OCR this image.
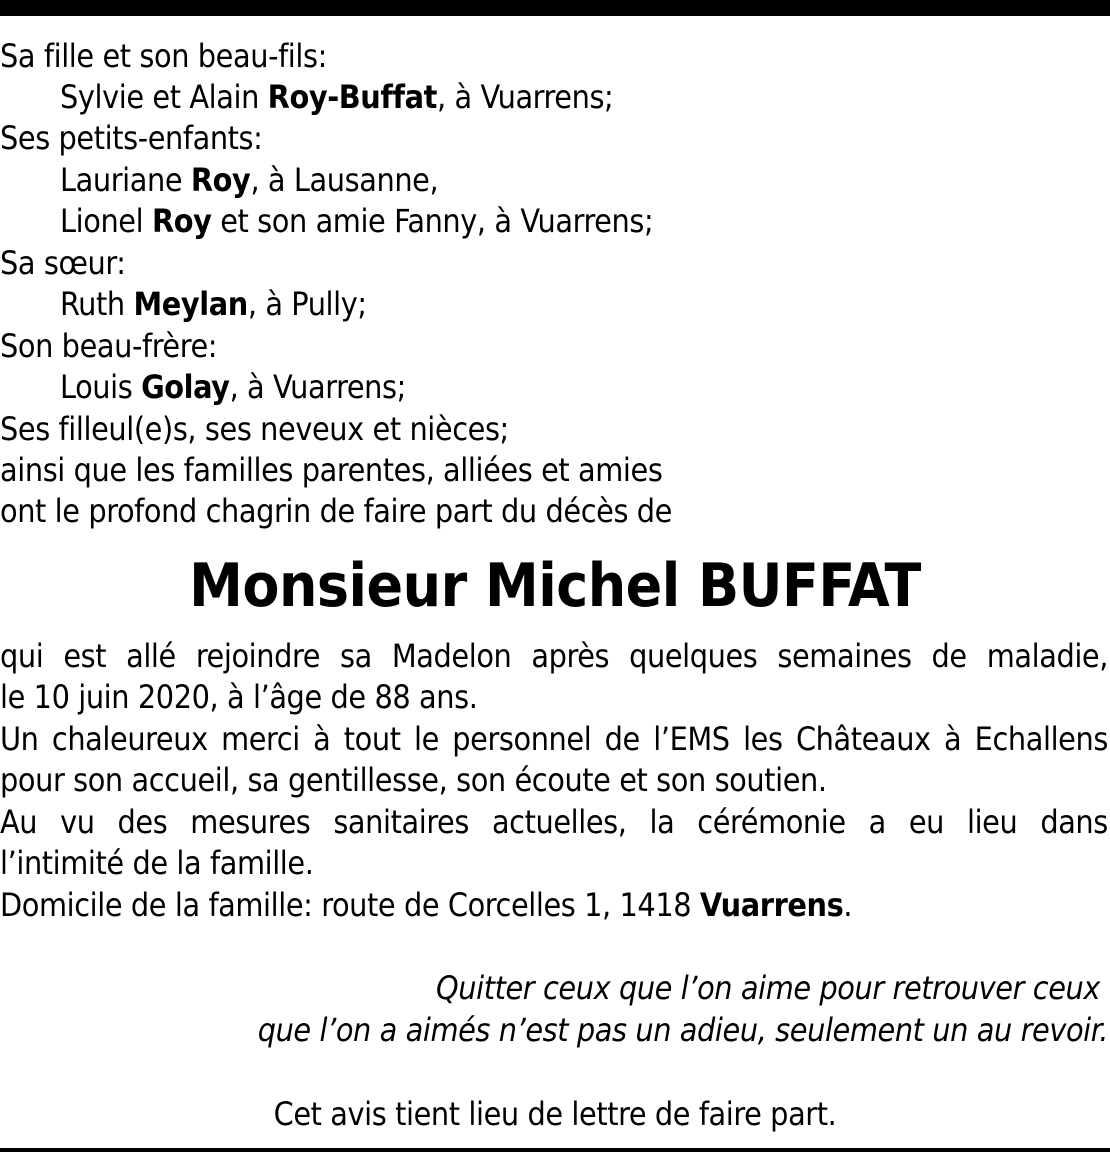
Sa fille et son beau-fils:
Sylvie et Alain Roy-Buffat, à Vuarrens;
Ses petits-enfants:
Lauriane Roy, à Lausanne,
Lionel Roy et son amie Fanny, à Vuarrens;
Sa sœur:
Ruth Meylan, à Pully;
Son beau-frère:
Louis Golay, à Vuarrens;
Ses filleul(e)s, ses neveux et nièces;
ainsi que les familles parentes, alliées et amies
ont le profond chagrin de faire part du décès de
Monsieur Michel BUFFAT
qui est allé rejoindre sa Madelon après quelques semaines de maladie,
le 10 juin 2020, à l’âge de 88 ans.
Un chaleureux merci à tout le personnel de l’EMS les Châteaux à Echallens
pour son accueil, sa gentillesse, son écoute et son soutien.
Au vu des mesures sanitaires actuelles, la cérémonie a eu lieu dans
l’intimité de la famille.
Domicile de la famille: route de Corcelles 1, 1418 Vuarrens.
Quitter ceux que l’on aime pour retrouver ceux
que l’on a aimés n’est pas un adieu, seulement un au revoir.
Cet avis tient lieu de lettre de faire part.
